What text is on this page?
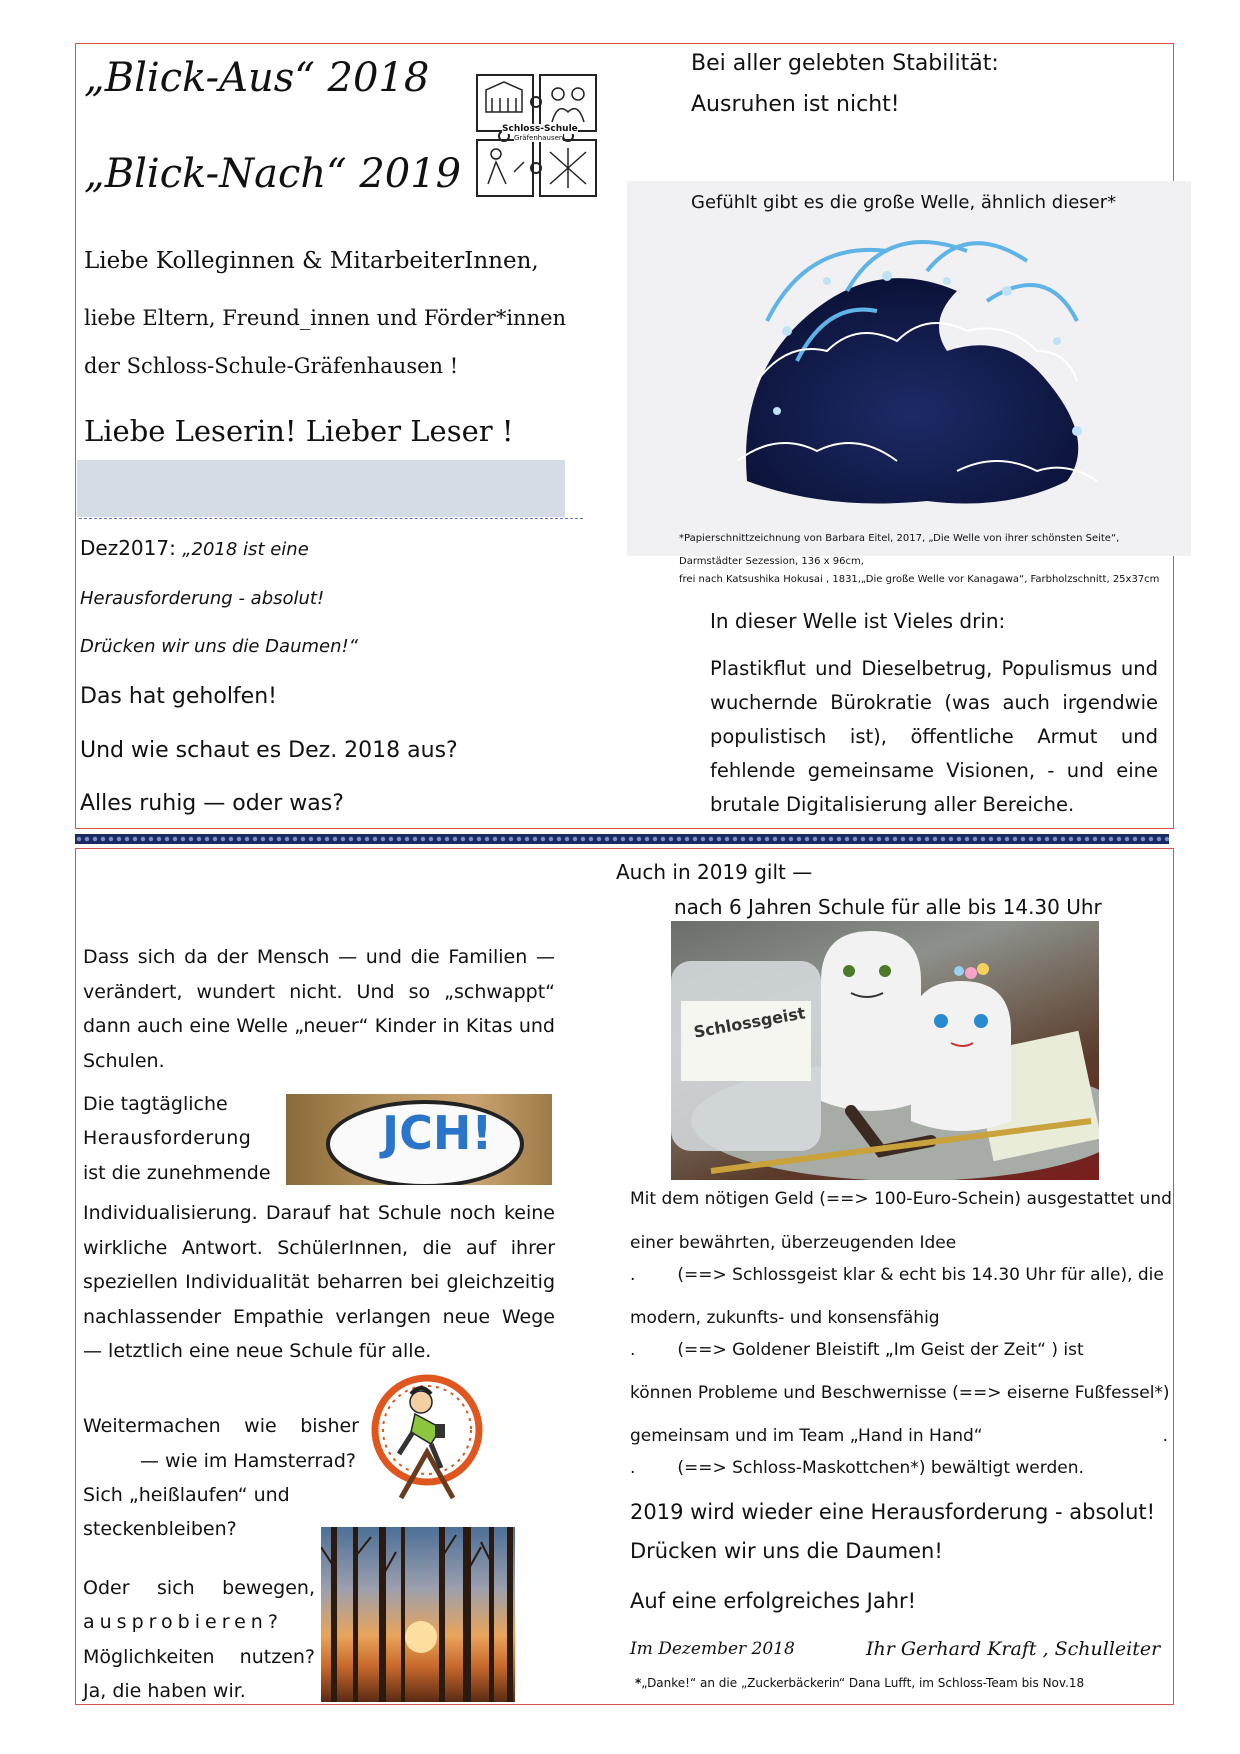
„Blick-Aus“ 2018
„Blick-Nach“ 2019
Schloss-Schule
Gräfenhausen
Liebe Kolleginnen & MitarbeiterInnen,
liebe Eltern, Freund_innen und Förder*innen
der Schloss-Schule-Gräfenhausen !
Liebe Leserin! Lieber Leser !
Dez2017: „2018 ist eine
Herausforderung - absolut!
Drücken wir uns die Daumen!“
Das hat geholfen!
Und wie schaut es Dez. 2018 aus?
Alles ruhig — oder was?
Bei aller gelebten Stabilität:
Ausruhen ist nicht!
Gefühlt gibt es die große Welle, ähnlich dieser*
*Papierschnittzeichnung von Barbara Eitel, 2017, „Die Welle von ihrer schönsten Seite“,
Darmstädter Sezession, 136 x 96cm,
frei nach Katsushika Hokusai , 1831,„Die große Welle vor Kanagawa“, Farbholzschnitt, 25x37cm
In dieser Welle ist Vieles drin:
Plastikflut und Dieselbetrug, Populismus und wuchernde Bürokratie (was auch irgendwie populistisch ist), öffentliche Armut und fehlende gemeinsame Visionen, - und eine brutale Digitalisierung aller Bereiche.
Dass sich da der Mensch — und die Familien — verändert, wundert nicht. Und so „schwappt“ dann auch eine Welle „neuer“ Kinder in Kitas und Schulen.
Die tagtägliche
Herausforderung
ist die zunehmende
JCH!
Individualisierung. Darauf hat Schule noch keine wirkliche Antwort. SchülerInnen, die auf ihrer speziellen Individualität beharren bei gleichzeitig nachlassender Empathie verlangen neue Wege — letztlich eine neue Schule für alle.
Weitermachen wie bisher
— wie im Hamsterrad?
Sich „heißlaufen“ und
steckenbleiben?
Oder sich bewegen,
ausprobieren?
Möglichkeiten nutzen?
Ja, die haben wir.
Auch in 2019 gilt —
nach 6 Jahren Schule für alle bis 14.30 Uhr
Schlossgeist
Mit dem nötigen Geld (==> 100-Euro-Schein) ausgestattet und
einer bewährten, überzeugenden Idee
. (==> Schlossgeist klar & echt bis 14.30 Uhr für alle), die
modern, zukunfts- und konsensfähig
. (==> Goldener Bleistift „Im Geist der Zeit“ ) ist
können Probleme und Beschwernisse (==> eiserne Fußfessel*)
gemeinsam und im Team „Hand in Hand“	.
. (==> Schloss-Maskottchen*) bewältigt werden.
2019 wird wieder eine Herausforderung - absolut!
Drücken wir uns die Daumen!
Auf eine erfolgreiches Jahr!
Im Dezember 2018	Ihr Gerhard Kraft , Schulleiter
*„Danke!“ an die „Zuckerbäckerin“ Dana Lufft, im Schloss-Team bis Nov.18
